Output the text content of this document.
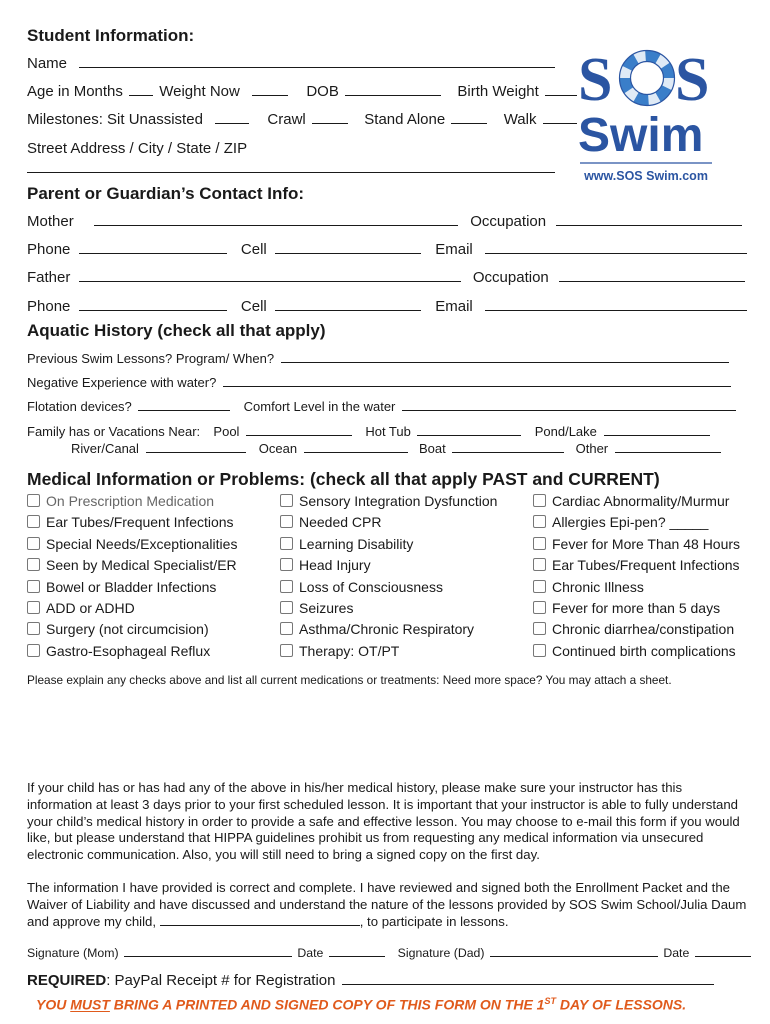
S S
Swim
www.SOS Swim.com
Student Information:
Name
Age in Months Weight Now	DOB	Birth Weight
Milestones: Sit Unassisted	Crawl	Stand Alone	Walk
Street Address / City / State / ZIP
Parent or Guardian’s Contact Info:
Mother	Occupation
Phone	Cell	Email
Father	Occupation
Phone	Cell	Email
Aquatic History (check all that apply)
Previous Swim Lessons? Program/ When?
Negative Experience with water?
Flotation devices?	Comfort Level in the water
Family has or Vacations Near: Pool	Hot Tub	Pond/Lake
River/Canal	Ocean	Boat	Other
Medical Information or Problems: (check all that apply PAST and CURRENT)
On Prescription Medication
Ear Tubes/Frequent Infections
Special Needs/Exceptionalities
Seen by Medical Specialist/ER
Bowel or Bladder Infections
ADD or ADHD
Surgery (not circumcision)
Gastro-Esophageal Reflux
Sensory Integration Dysfunction
Needed CPR
Learning Disability
Head Injury
Loss of Consciousness
Seizures
Asthma/Chronic Respiratory
Therapy: OT/PT
Cardiac Abnormality/Murmur
Allergies Epi-pen? _____
Fever for More Than 48 Hours
Ear Tubes/Frequent Infections
Chronic Illness
Fever for more than 5 days
Chronic diarrhea/constipation
Continued birth complications
Please explain any checks above and list all current medications or treatments: Need more space? You may attach a sheet.
If your child has or has had any of the above in his/her medical history, please make sure your instructor has this information at least 3 days prior to your first scheduled lesson. It is important that your instructor is able to fully understand your child’s medical history in order to provide a safe and effective lesson. You may choose to e-mail this form if you would like, but please understand that HIPPA guidelines prohibit us from requesting any medical information via unsecured electronic communication. Also, you will still need to bring a signed copy on the first day.
The information I have provided is correct and complete. I have reviewed and signed both the Enrollment Packet and the Waiver of Liability and have discussed and understand the nature of the lessons provided by SOS Swim School/Julia Daum and approve my child,	, to participate in lessons.
Signature (Mom)	Date	Signature (Dad)	Date
REQUIRED: PayPal Receipt # for Registration
YOU MUST BRING A PRINTED AND SIGNED COPY OF THIS FORM ON THE 1ST DAY OF LESSONS.
